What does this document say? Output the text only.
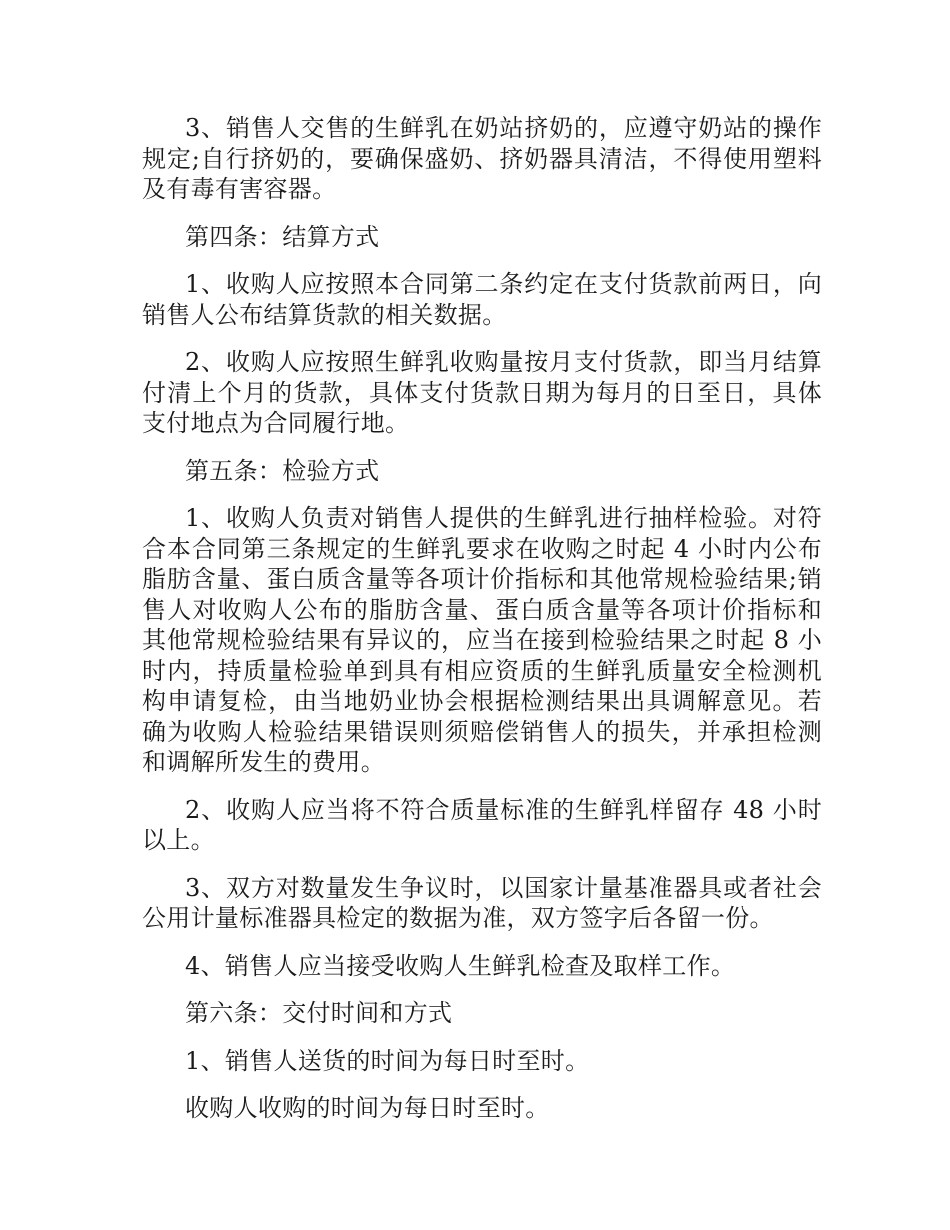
3、销售人交售的生鲜乳在奶站挤奶的，应遵守奶站的操作规定;自行挤奶的，要确保盛奶、挤奶器具清洁，不得使用塑料及有毒有害容器。

第四条：结算方式

1、收购人应按照本合同第二条约定在支付货款前两日，向销售人公布结算货款的相关数据。

2、收购人应按照生鲜乳收购量按月支付货款，即当月结算付清上个月的货款，具体支付货款日期为每月的日至日，具体支付地点为合同履行地。

第五条：检验方式

1、收购人负责对销售人提供的生鲜乳进行抽样检验。对符合本合同第三条规定的生鲜乳要求在收购之时起 4 小时内公布脂肪含量、蛋白质含量等各项计价指标和其他常规检验结果;销售人对收购人公布的脂肪含量、蛋白质含量等各项计价指标和其他常规检验结果有异议的，应当在接到检验结果之时起 8 小时内，持质量检验单到具有相应资质的生鲜乳质量安全检测机构申请复检，由当地奶业协会根据检测结果出具调解意见。若确为收购人检验结果错误则须赔偿销售人的损失，并承担检测和调解所发生的费用。

2、收购人应当将不符合质量标准的生鲜乳样留存 48 小时以上。

3、双方对数量发生争议时，以国家计量基准器具或者社会公用计量标准器具检定的数据为准，双方签字后各留一份。

4、销售人应当接受收购人生鲜乳检查及取样工作。

第六条：交付时间和方式

1、销售人送货的时间为每日时至时。

收购人收购的时间为每日时至时。
